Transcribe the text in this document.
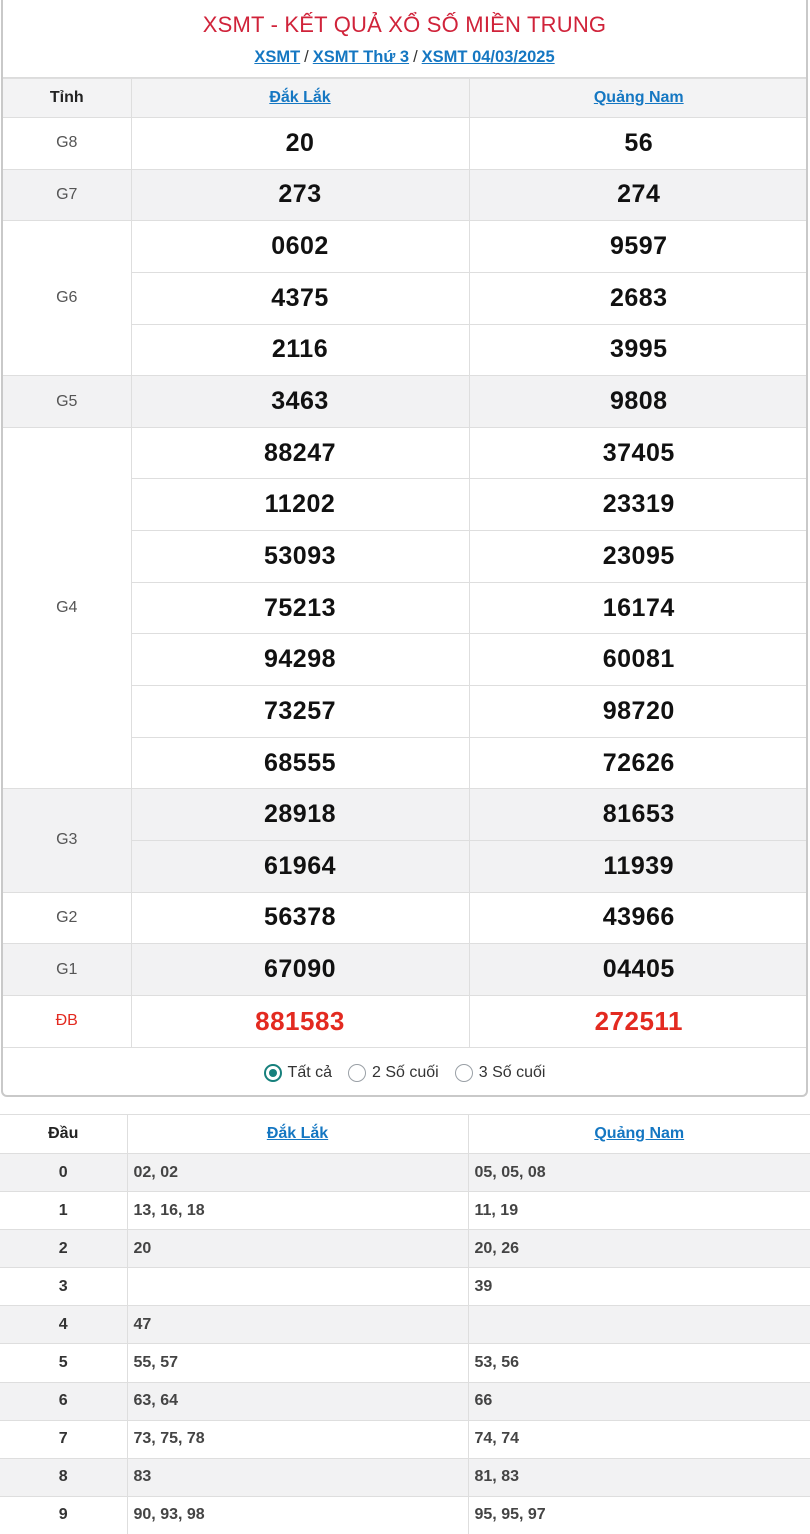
XSMT - KẾT QUẢ XỔ SỐ MIỀN TRUNG
XSMT / XSMT Thứ 3 / XSMT 04/03/2025
Tỉnh	Đắk Lắk	Quảng Nam
G8	20	56
G7	273	274
G6	0602	9597
	4375	2683
	2116	3995
G5	3463	9808
G4	88247	37405
	11202	23319
	53093	23095
	75213	16174
	94298	60081
	73257	98720
	68555	72626
G3	28918	81653
	61964	11939
G2	56378	43966
G1	67090	04405
ĐB	881583	272511
Tất cả	2 Số cuối	3 Số cuối
Đầu	Đắk Lắk	Quảng Nam
0	02, 02	05, 05, 08
1	13, 16, 18	11, 19
2	20	20, 26
3		39
4	47	
5	55, 57	53, 56
6	63, 64	66
7	73, 75, 78	74, 74
8	83	81, 83
9	90, 93, 98	95, 95, 97
